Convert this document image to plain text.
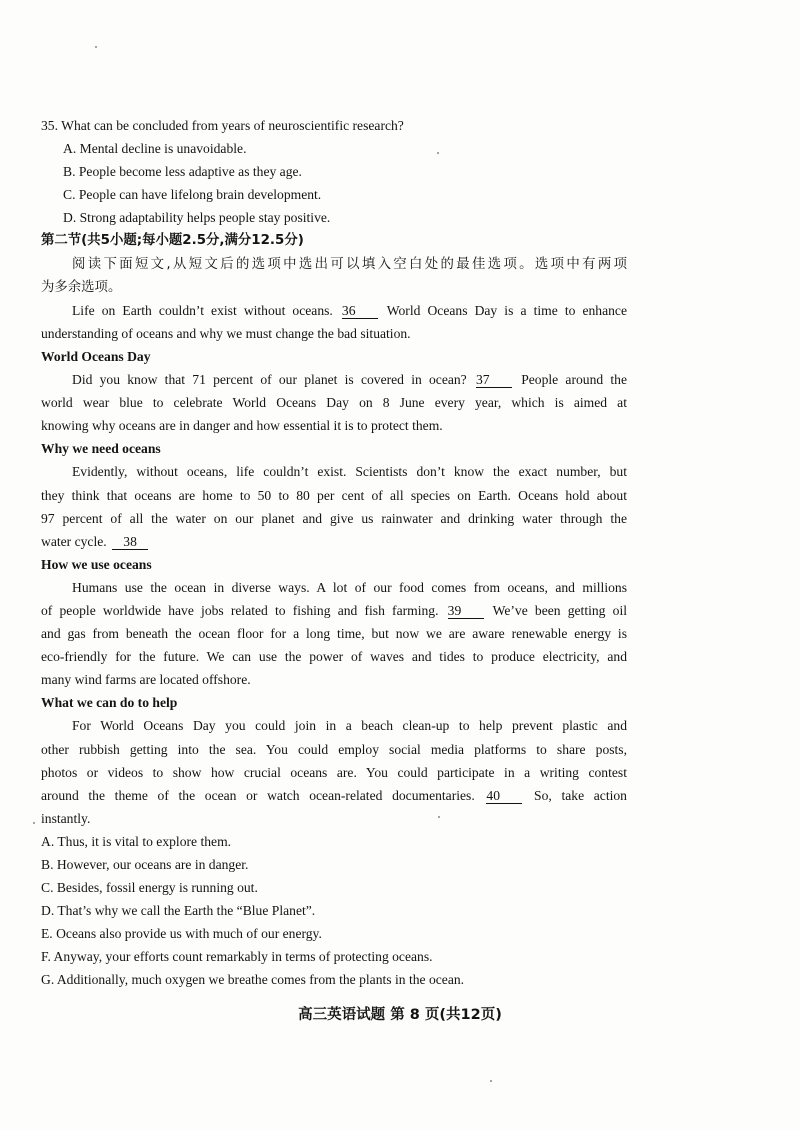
35. What can be concluded from years of neuroscientific research?
A. Mental decline is unavoidable.
B. People become less adaptive as they age.
C. People can have lifelong brain development.
D. Strong adaptability helps people stay positive.
第二节(共5小题;每小题2.5分,满分12.5分)
阅读下面短文,从短文后的选项中选出可以填入空白处的最佳选项。选项中有两项
为多余选项。
Life on Earth couldn’t exist without oceans. 36 World Oceans Day is a time to enhance
understanding of oceans and why we must change the bad situation.
World Oceans Day
Did you know that 71 percent of our planet is covered in ocean? 37 People around the
world wear blue to celebrate World Oceans Day on 8 June every year, which is aimed at
knowing why oceans are in danger and how essential it is to protect them.
Why we need oceans
Evidently, without oceans, life couldn’t exist. Scientists don’t know the exact number, but
they think that oceans are home to 50 to 80 per cent of all species on Earth. Oceans hold about
97 percent of all the water on our planet and give us rainwater and drinking water through the
water cycle. 38
How we use oceans
Humans use the ocean in diverse ways. A lot of our food comes from oceans, and millions
of people worldwide have jobs related to fishing and fish farming. 39 We’ve been getting oil
and gas from beneath the ocean floor for a long time, but now we are aware renewable energy is
eco-friendly for the future. We can use the power of waves and tides to produce electricity, and
many wind farms are located offshore.
What we can do to help
For World Oceans Day you could join in a beach clean-up to help prevent plastic and
other rubbish getting into the sea. You could employ social media platforms to share posts,
photos or videos to show how crucial oceans are. You could participate in a writing contest
around the theme of the ocean or watch ocean-related documentaries. 40	So, take action
instantly.
A. Thus, it is vital to explore them.
B. However, our oceans are in danger.
C. Besides, fossil energy is running out.
D. That’s why we call the Earth the “Blue Planet”.
E. Oceans also provide us with much of our energy.
F. Anyway, your efforts count remarkably in terms of protecting oceans.
G. Additionally, much oxygen we breathe comes from the plants in the ocean.
高三英语试题 第 8 页(共12页)
